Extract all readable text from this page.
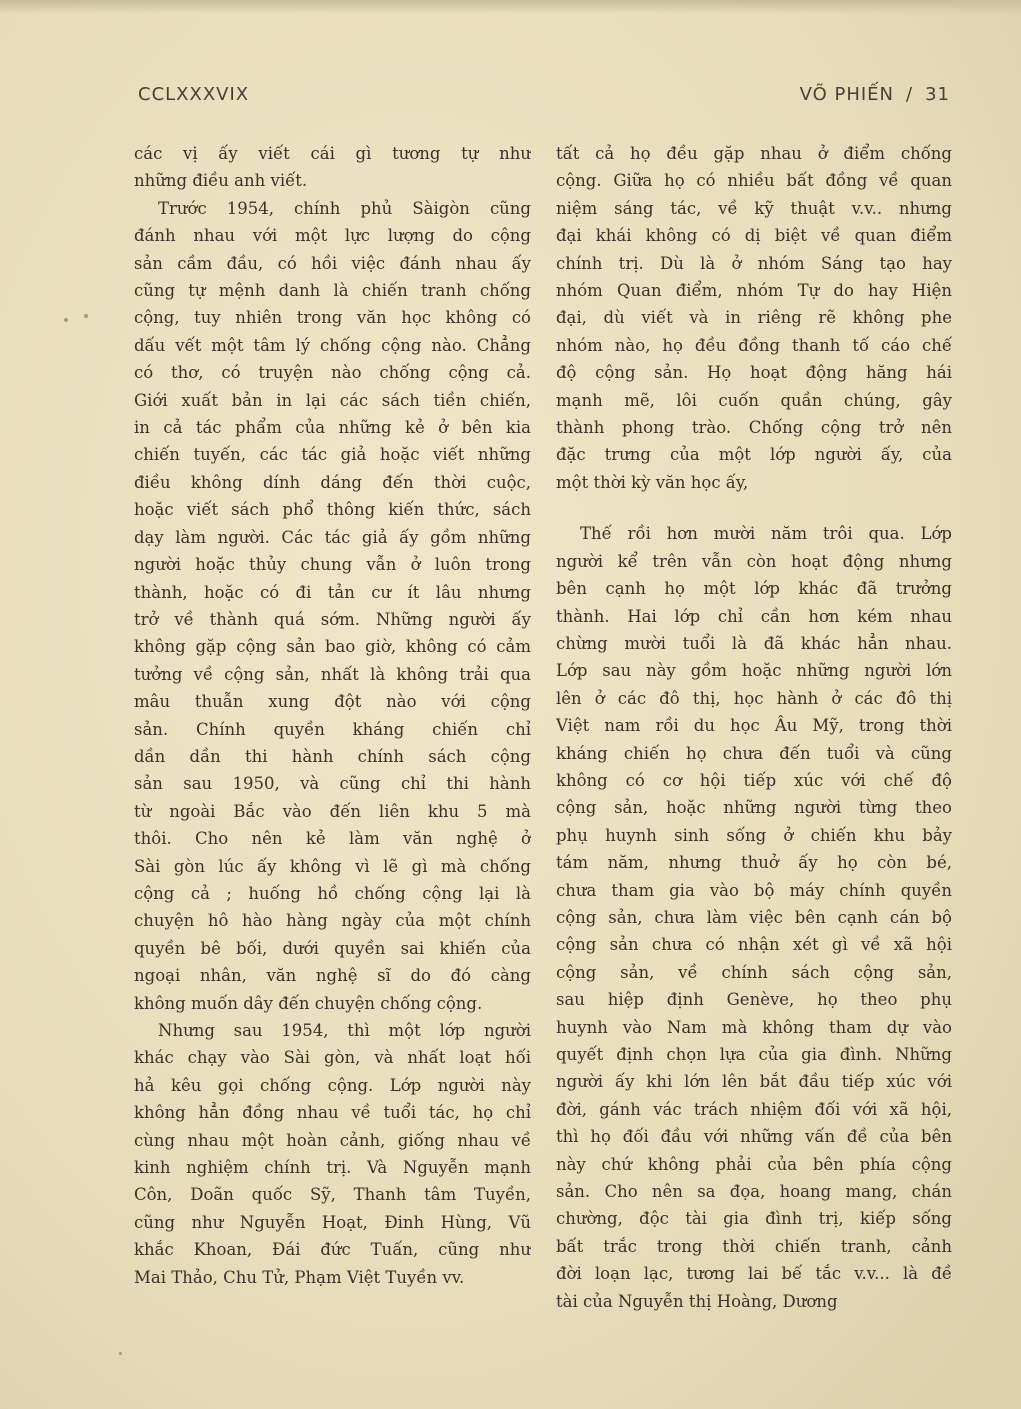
CCLXXXVIX	VÕ PHIẾN / 31

các vị ấy viết cái gì tương tự như
những điều anh viết.

Trước 1954, chính phủ Sàigòn cũng
đánh nhau với một lực lượng do cộng
sản cầm đầu, có hồi việc đánh nhau ấy
cũng tự mệnh danh là chiến tranh chống
cộng, tuy nhiên trong văn học không có
dấu vết một tâm lý chống cộng nào. Chẳng
có thơ, có truyện nào chống cộng cả.
Giới xuất bản in lại các sách tiền chiến,
in cả tác phẩm của những kẻ ở bên kia
chiến tuyến, các tác giả hoặc viết những
điều không dính dáng đến thời cuộc,
hoặc viết sách phổ thông kiến thức, sách
dạy làm người. Các tác giả ấy gồm những
người hoặc thủy chung vẫn ở luôn trong
thành, hoặc có đi tản cư ít lâu nhưng
trở về thành quá sớm. Những người ấy
không gặp cộng sản bao giờ, không có cảm
tưởng về cộng sản, nhất là không trải qua
mâu thuẫn xung đột nào với cộng
sản. Chính quyền kháng chiến chỉ
dần dần thi hành chính sách cộng
sản sau 1950, và cũng chỉ thi hành
từ ngoài Bắc vào đến liên khu 5 mà
thôi. Cho nên kẻ làm văn nghệ ở
Sài gòn lúc ấy không vì lẽ gì mà chống
cộng cả ; huống hồ chống cộng lại là
chuyện hô hào hàng ngày của một chính
quyền bê bối, dưới quyền sai khiến của
ngoại nhân, văn nghệ sĩ do đó càng
không muốn dây đến chuyện chống cộng.

Nhưng sau 1954, thì một lớp người
khác chạy vào Sài gòn, và nhất loạt hối
hả kêu gọi chống cộng. Lớp người này
không hẳn đồng nhau về tuổi tác, họ chỉ
cùng nhau một hoàn cảnh, giống nhau về
kinh nghiệm chính trị. Và Nguyễn mạnh
Côn, Doãn quốc Sỹ, Thanh tâm Tuyền,
cũng như Nguyễn Hoạt, Đinh Hùng, Vũ
khắc Khoan, Đái đức Tuấn, cũng như
Mai Thảo, Chu Tử, Phạm Việt Tuyền vv.

tất cả họ đều gặp nhau ở điểm chống
cộng. Giữa họ có nhiều bất đồng về quan
niệm sáng tác, về kỹ thuật v.v.. nhưng
đại khái không có dị biệt về quan điểm
chính trị. Dù là ở nhóm Sáng tạo hay
nhóm Quan điểm, nhóm Tự do hay Hiện
đại, dù viết và in riêng rẽ không phe
nhóm nào, họ đều đồng thanh tố cáo chế
độ cộng sản. Họ hoạt động hăng hái
mạnh mẽ, lôi cuốn quần chúng, gây
thành phong trào. Chống cộng trở nên
đặc trưng của một lớp người ấy, của
một thời kỳ văn học ấy,

Thế rồi hơn mười năm trôi qua. Lớp
người kể trên vẫn còn hoạt động nhưng
bên cạnh họ một lớp khác đã trưởng
thành. Hai lớp chỉ cần hơn kém nhau
chừng mười tuổi là đã khác hẳn nhau.
Lớp sau này gồm hoặc những người lớn
lên ở các đô thị, học hành ở các đô thị
Việt nam rồi du học Âu Mỹ, trong thời
kháng chiến họ chưa đến tuổi và cũng
không có cơ hội tiếp xúc với chế độ
cộng sản, hoặc những người từng theo
phụ huynh sinh sống ở chiến khu bảy
tám năm, nhưng thuở ấy họ còn bé,
chưa tham gia vào bộ máy chính quyền
cộng sản, chưa làm việc bên cạnh cán bộ
cộng sản chưa có nhận xét gì về xã hội
cộng sản, về chính sách cộng sản,
sau hiệp định Genève, họ theo phụ
huynh vào Nam mà không tham dự vào
quyết định chọn lựa của gia đình. Những
người ấy khi lớn lên bắt đầu tiếp xúc với
đời, gánh vác trách nhiệm đối với xã hội,
thì họ đối đầu với những vấn đề của bên
này chứ không phải của bên phía cộng
sản. Cho nên sa đọa, hoang mang, chán
chường, độc tài gia đình trị, kiếp sống
bất trắc trong thời chiến tranh, cảnh
đời loạn lạc, tương lai bế tắc v.v... là đề
tài của Nguyễn thị Hoàng, Dương
